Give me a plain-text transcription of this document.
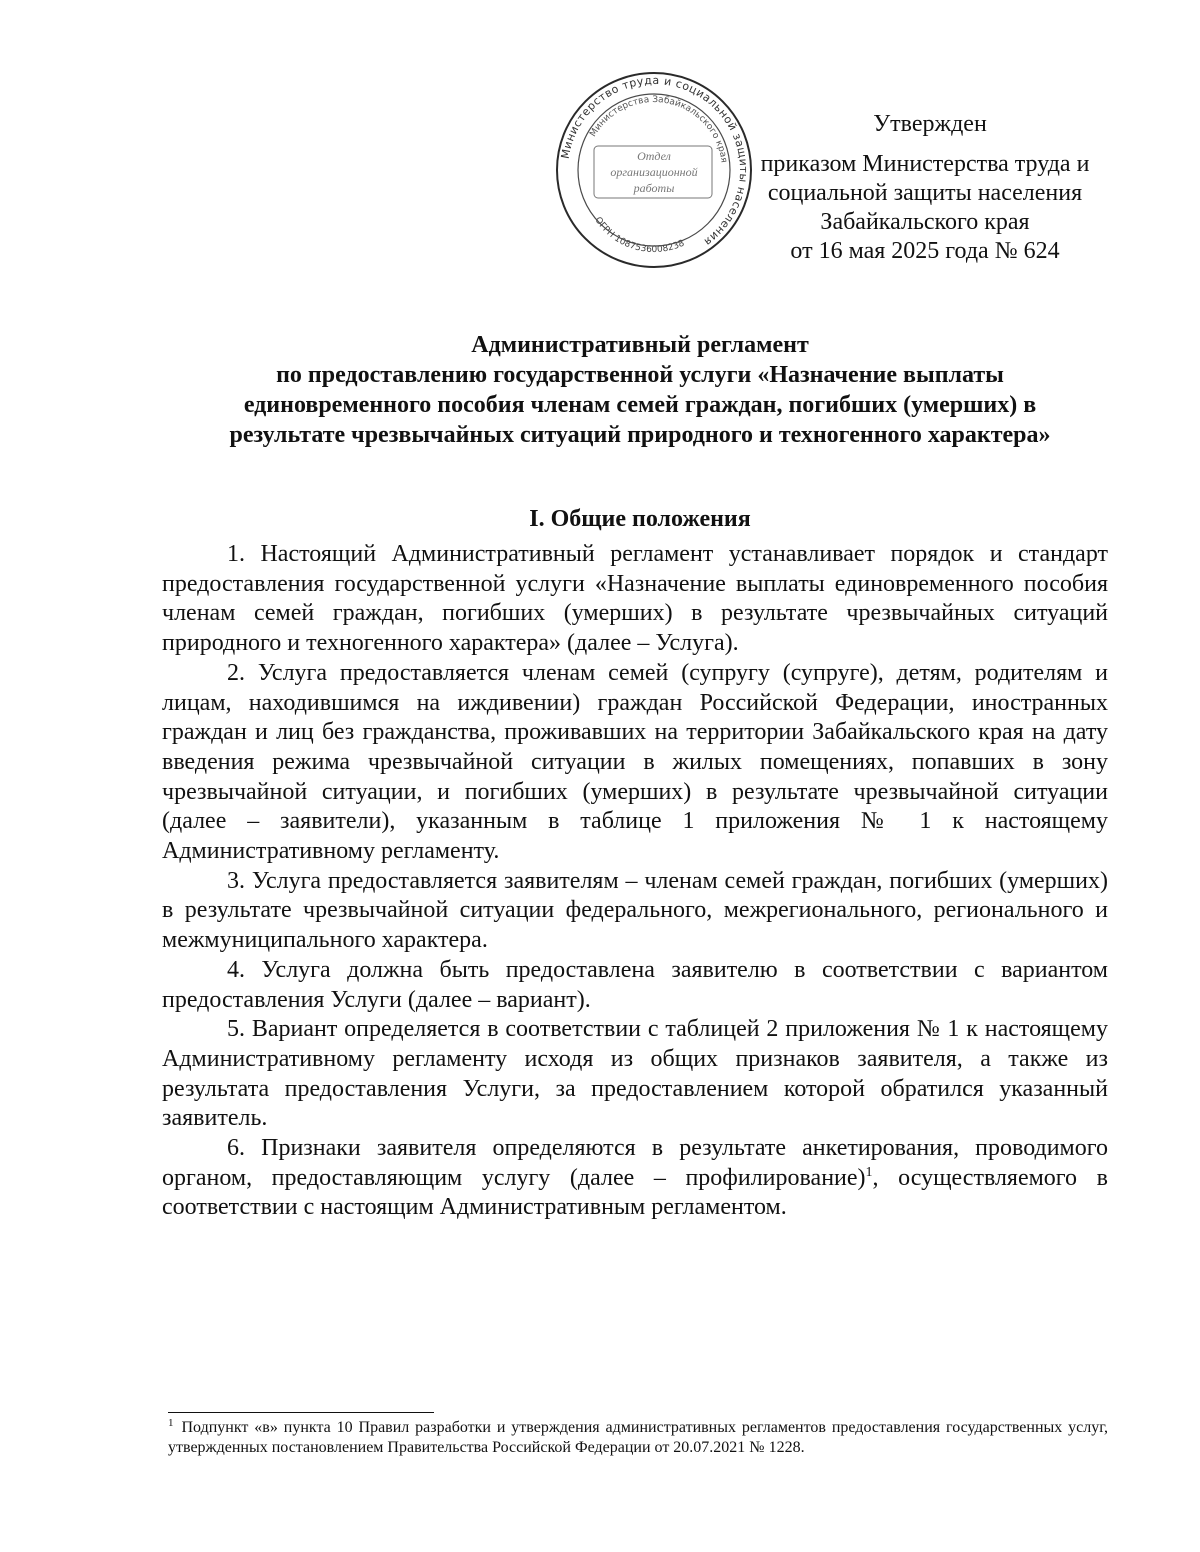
Министерство труда и социальной защиты населения
Министерства Забайкальского края
ОГРН 1087536008238
Отдел
организационной
работы
Утвержден
приказом Министерства труда и
социальной защиты населения
Забайкальского края
от 16 мая 2025 года № 624
Административный регламент
по предоставлению государственной услуги «Назначение выплаты
единовременного пособия членам семей граждан, погибших (умерших) в
результате чрезвычайных ситуаций природного и техногенного характера»
I. Общие положения

1. Настоящий Административный регламент устанавливает порядок и стандарт предоставления государственной услуги «Назначение выплаты единовременного пособия членам семей граждан, погибших (умерших) в результате чрезвычайных ситуаций природного и техногенного характера» (далее – Услуга).

2. Услуга предоставляется членам семей (супругу (супруге), детям, родителям и лицам, находившимся на иждивении) граждан Российской Федерации, иностранных граждан и лиц без гражданства, проживавших на территории Забайкальского края на дату введения режима чрезвычайной ситуации в жилых помещениях, попавших в зону чрезвычайной ситуации, и погибших (умерших) в результате чрезвычайной ситуации (далее – заявители), указанным в таблице 1 приложения № 1 к настоящему Административному регламенту.

3. Услуга предоставляется заявителям – членам семей граждан, погибших (умерших) в результате чрезвычайной ситуации федерального, межрегионального, регионального и межмуниципального характера.

4. Услуга должна быть предоставлена заявителю в соответствии с вариантом предоставления Услуги (далее – вариант).

5. Вариант определяется в соответствии с таблицей 2 приложения № 1 к настоящему Административному регламенту исходя из общих признаков заявителя, а также из результата предоставления Услуги, за предоставлением которой обратился указанный заявитель.

6. Признаки заявителя определяются в результате анкетирования, проводимого органом, предоставляющим услугу (далее – профилирование)$^1$, осуществляемого в соответствии с настоящим Административным регламентом.

$^1$ Подпункт «в» пункта 10 Правил разработки и утверждения административных регламентов предоставления государственных услуг, утвержденных постановлением Правительства Российской Федерации от 20.07.2021 № 1228.
